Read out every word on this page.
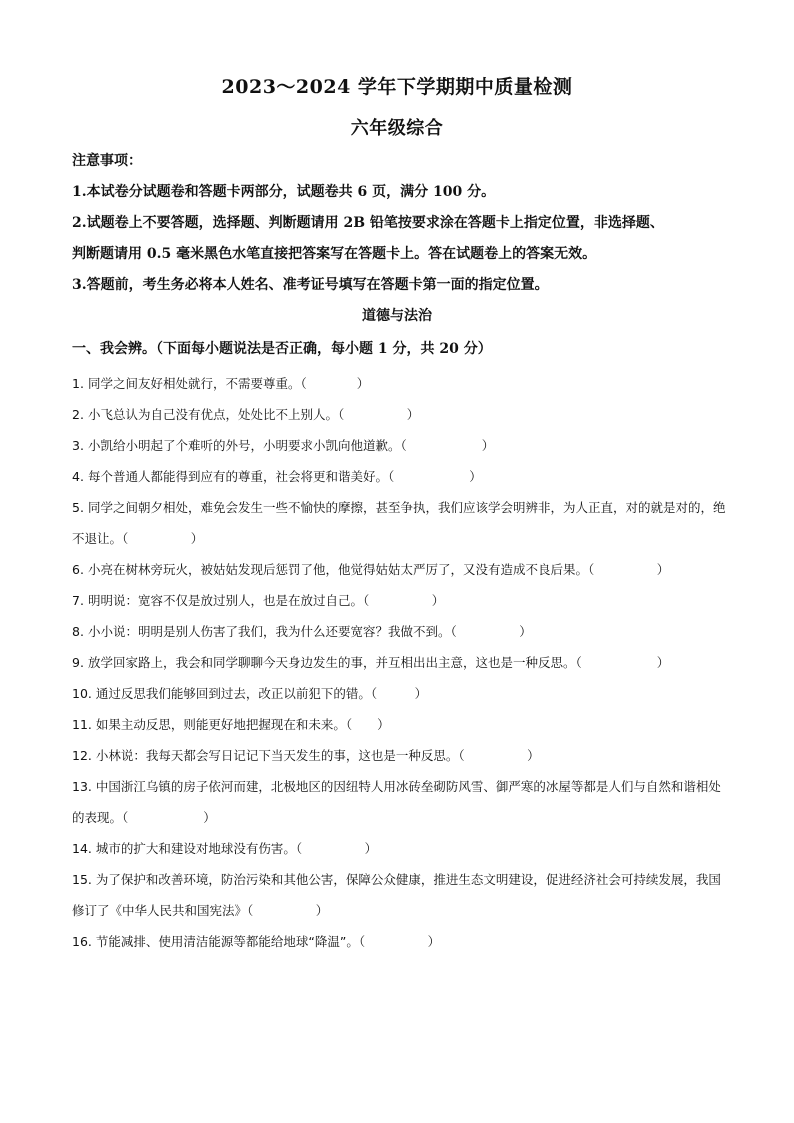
2023～2024 学年下学期期中质量检测
六年级综合
注意事项：
1.本试卷分试题卷和答题卡两部分，试题卷共 6 页，满分 100 分。
2.试题卷上不要答题，选择题、判断题请用 2B 铅笔按要求涂在答题卡上指定位置，非选择题、
判断题请用 0.5 毫米黑色水笔直接把答案写在答题卡上。答在试题卷上的答案无效。
3.答题前，考生务必将本人姓名、准考证号填写在答题卡第一面的指定位置。
道德与法治
一、我会辨。（下面每小题说法是否正确，每小题 1 分，共 20 分）

1. 同学之间友好相处就行，不需要尊重。（　　　　）

2. 小飞总认为自己没有优点，处处比不上别人。（　　　　　）

3. 小凯给小明起了个难听的外号，小明要求小凯向他道歉。（　　　　　　）

4. 每个普通人都能得到应有的尊重，社会将更和谐美好。（　　　　　　）

5. 同学之间朝夕相处，难免会发生一些不愉快的摩擦，甚至争执，我们应该学会明辨非，为人正直，对的就是对的，绝不退让。（　　　　　）

6. 小亮在树林旁玩火，被姑姑发现后惩罚了他，他觉得姑姑太严厉了，又没有造成不良后果。（　　　　　）

7. 明明说：宽容不仅是放过别人，也是在放过自己。（　　　　　）

8. 小小说：明明是别人伤害了我们，我为什么还要宽容？我做不到。（　　　　　）

9. 放学回家路上，我会和同学聊聊今天身边发生的事，并互相出出主意，这也是一种反思。（　　　　　　）

10. 通过反思我们能够回到过去，改正以前犯下的错。（　　　）

11. 如果主动反思，则能更好地把握现在和未来。（　　）

12. 小林说：我每天都会写日记记下当天发生的事，这也是一种反思。（　　　　　）

13. 中国浙江乌镇的房子依河而建，北极地区的因纽特人用冰砖垒砌防风雪、御严寒的冰屋等都是人们与自然和谐相处的表现。（　　　　　　）

14. 城市的扩大和建设对地球没有伤害。（　　　　　）

15. 为了保护和改善环境，防治污染和其他公害，保障公众健康，推进生态文明建设，促进经济社会可持续发展，我国修订了《中华人民共和国宪法》（　　　　　）

16. 节能减排、使用清洁能源等都能给地球“降温”。（　　　　　）
